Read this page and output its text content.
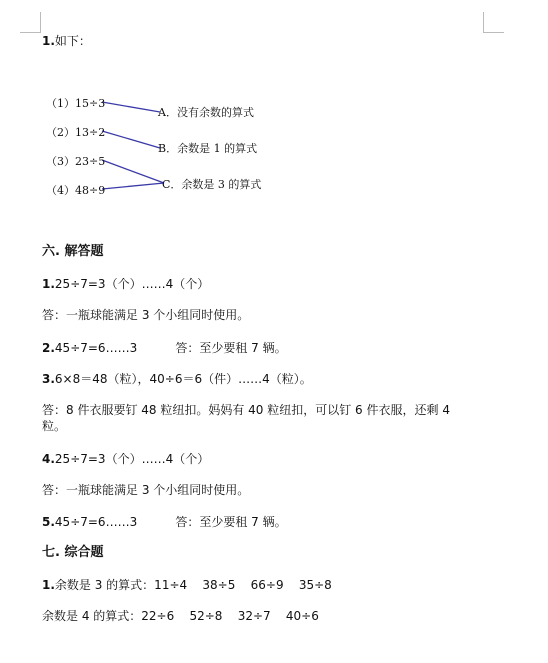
1.如下：
（1）15÷3
（2）13÷2
（3）23÷5
（4）48÷9
A．没有余数的算式
B．余数是 1 的算式
C．余数是 3 的算式
六. 解答题
1.25÷7=3（个）……4（个）
答：一瓶球能满足 3 个小组同时使用。
2.45÷7=6……3          答：至少要租 7 辆。
3.6×8＝48（粒），40÷6＝6（件）……4（粒）。
答：8 件衣服要钉 48 粒纽扣。妈妈有 40 粒纽扣，可以钉 6 件衣服，还剩 4 粒。
4.25÷7=3（个）……4（个）
答：一瓶球能满足 3 个小组同时使用。
5.45÷7=6……3          答：至少要租 7 辆。
七. 综合题
1.余数是 3 的算式：11÷4    38÷5    66÷9    35÷8
余数是 4 的算式：22÷6    52÷8    32÷7    40÷6
